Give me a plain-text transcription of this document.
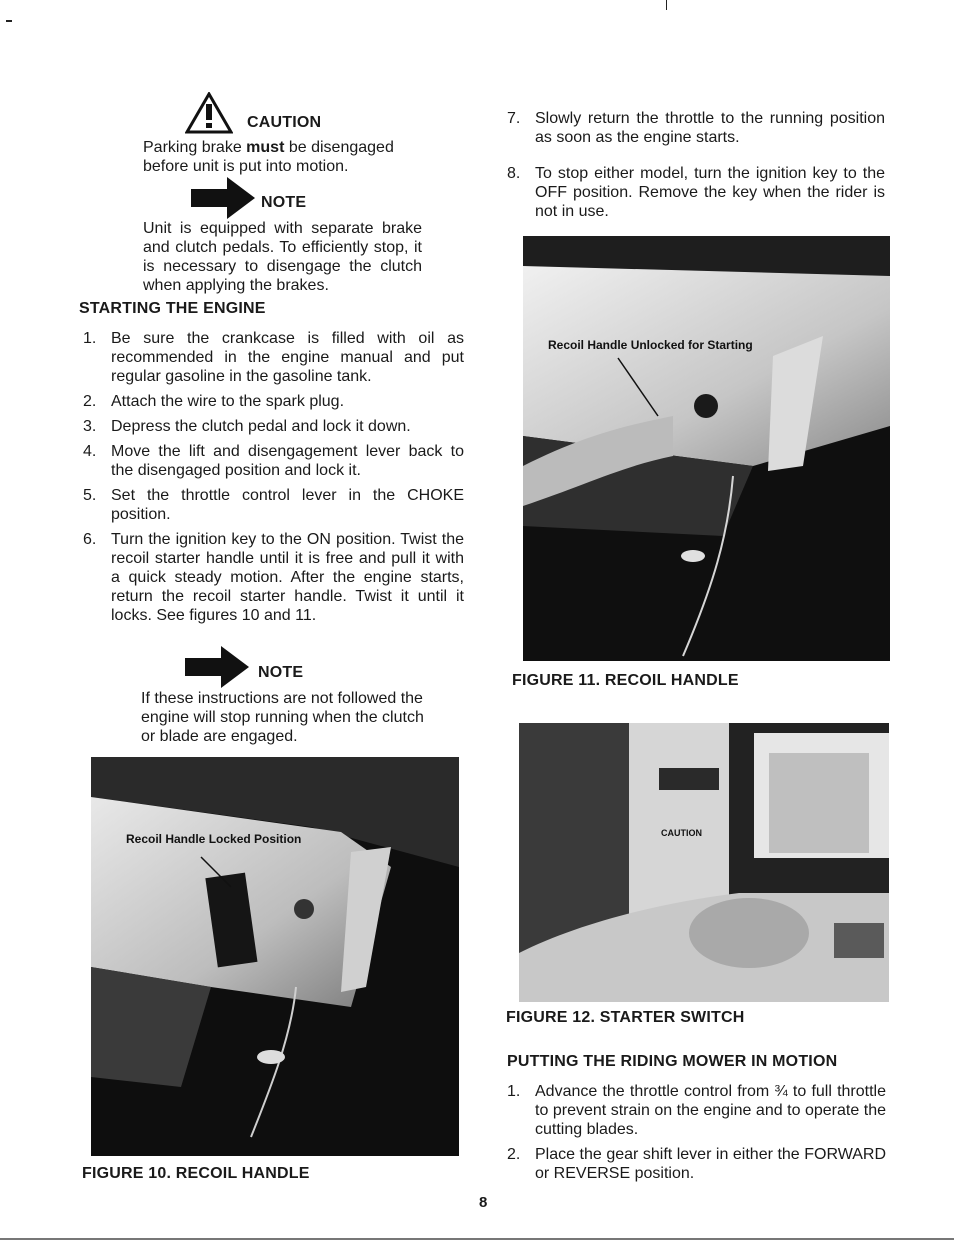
CAUTION
Parking brake must be disengaged before unit is put into motion.
NOTE
Unit is equipped with separate brake and clutch pedals. To efficiently stop, it is necessary to disengage the clutch when applying the brakes.
STARTING THE ENGINE
1. Be sure the crankcase is filled with oil as recommended in the engine manual and put regular gasoline in the gasoline tank.
2. Attach the wire to the spark plug.
3. Depress the clutch pedal and lock it down.
4. Move the lift and disengagement lever back to the disengaged position and lock it.
5. Set the throttle control lever in the CHOKE position.
6. Turn the ignition key to the ON position. Twist the recoil starter handle until it is free and pull it with a quick steady motion. After the engine starts, return the recoil starter handle. Twist it until it locks. See figures 10 and 11.
NOTE
If these instructions are not followed the engine will stop running when the clutch or blade are engaged.
Recoil Handle Locked Position
FIGURE 10. RECOIL HANDLE
7. Slowly return the throttle to the running position as soon as the engine starts.
8. To stop either model, turn the ignition key to the OFF position. Remove the key when the rider is not in use.
Recoil Handle Unlocked for Starting
FIGURE 11. RECOIL HANDLE
CAUTION
FIGURE 12. STARTER SWITCH
PUTTING THE RIDING MOWER IN MOTION
1. Advance the throttle control from ¾ to full throttle to prevent strain on the engine and to operate the cutting blades.
2. Place the gear shift lever in either the FORWARD or REVERSE position.
8
